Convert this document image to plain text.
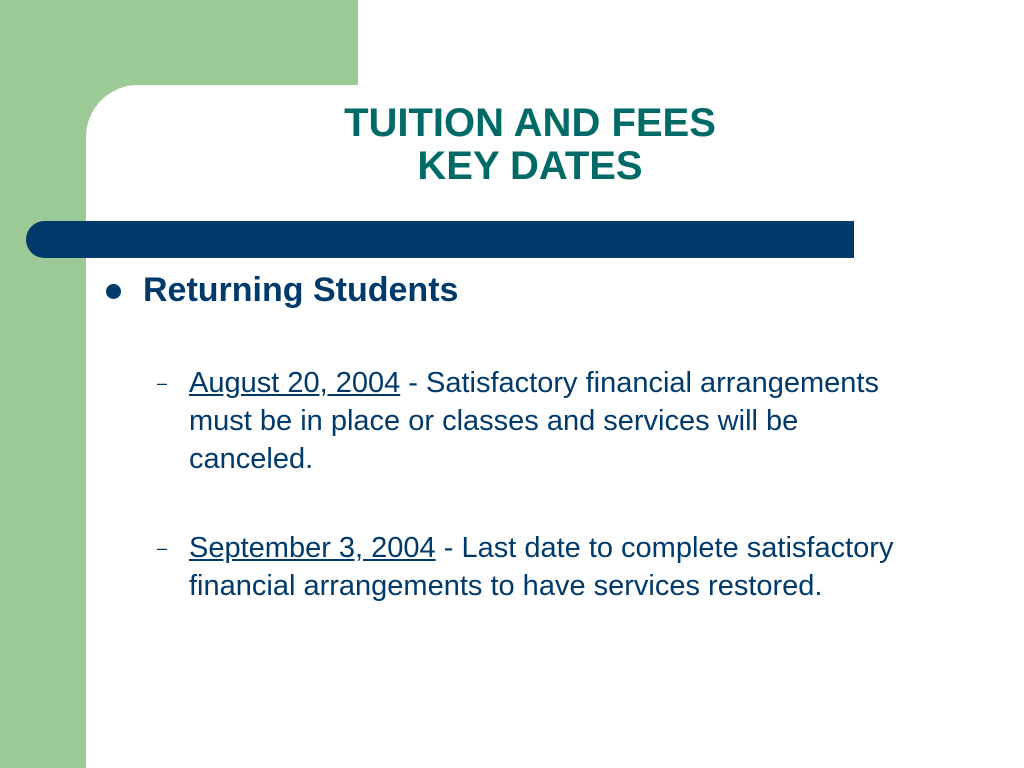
TUITION AND FEES
KEY DATES
Returning Students
– August 20, 2004 - Satisfactory financial arrangements must be in place or classes and services will be canceled.
– September 3, 2004 - Last date to complete satisfactory financial arrangements to have services restored.
